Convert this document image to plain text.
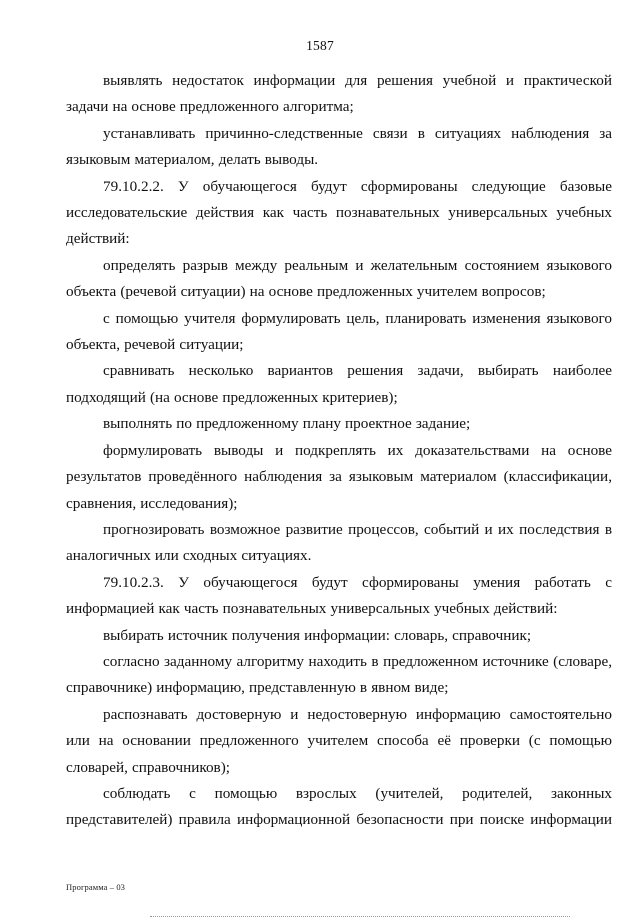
1587

выявлять недостаток информации для решения учебной и практической задачи на основе предложенного алгоритма;

устанавливать причинно-следственные связи в ситуациях наблюдения за языковым материалом, делать выводы.

79.10.2.2. У обучающегося будут сформированы следующие базовые исследовательские действия как часть познавательных универсальных учебных действий:

определять разрыв между реальным и желательным состоянием языкового объекта (речевой ситуации) на основе предложенных учителем вопросов;

с помощью учителя формулировать цель, планировать изменения языкового объекта, речевой ситуации;

сравнивать несколько вариантов решения задачи, выбирать наиболее подходящий (на основе предложенных критериев);

выполнять по предложенному плану проектное задание;

формулировать выводы и подкреплять их доказательствами на основе результатов проведённого наблюдения за языковым материалом (классификации, сравнения, исследования);

прогнозировать возможное развитие процессов, событий и их последствия в аналогичных или сходных ситуациях.

79.10.2.3. У обучающегося будут сформированы умения работать с информацией как часть познавательных универсальных учебных действий:

выбирать источник получения информации: словарь, справочник;

согласно заданному алгоритму находить в предложенном источнике (словаре, справочнике) информацию, представленную в явном виде;

распознавать достоверную и недостоверную информацию самостоятельно или на основании предложенного учителем способа её проверки (с помощью словарей, справочников);

соблюдать с помощью взрослых (учителей, родителей, законных представителей) правила информационной безопасности при поиске информации

Программа – 03
